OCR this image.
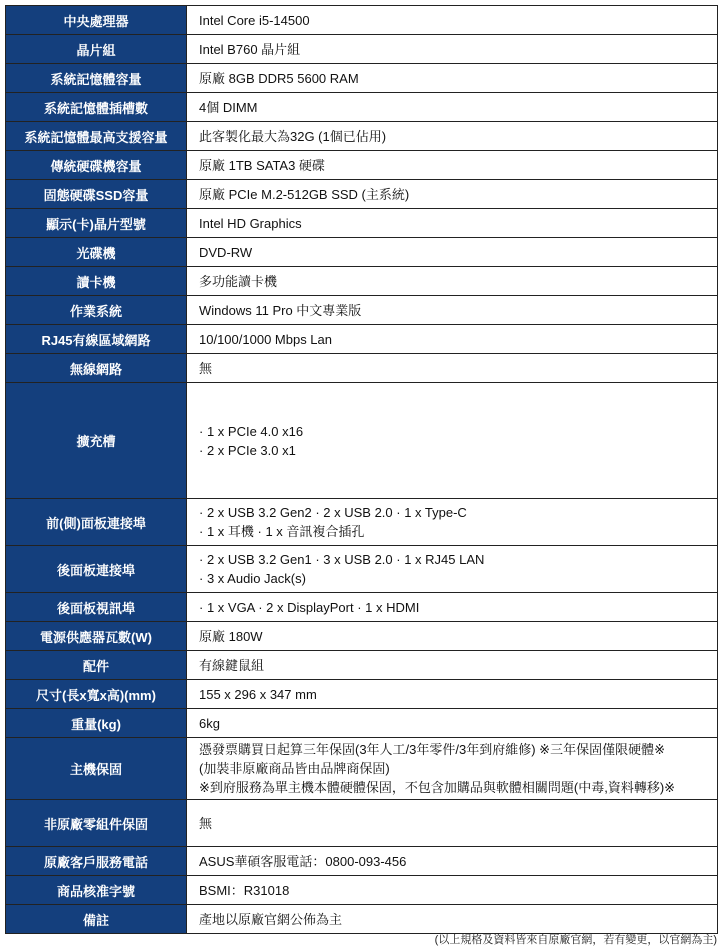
中央處理器	Intel Core i5-14500

晶片組	Intel B760 晶片組

系統記憶體容量	原廠 8GB DDR5 5600 RAM

系統記憶體插槽數	4個 DIMM

系統記憶體最高支援容量	此客製化最大為32G (1個已佔用)

傳統硬碟機容量	原廠 1TB SATA3 硬碟

固態硬碟SSD容量	原廠 PCIe M.2-512GB SSD (主系統)

顯示(卡)晶片型號	Intel HD Graphics

光碟機	DVD-RW

讀卡機	多功能讀卡機

作業系統	Windows 11 Pro 中文專業版

RJ45有線區域網路	10/100/1000 Mbps Lan

無線網路	無

擴充槽	· 1 x PCIe 4.0 x16
· 2 x PCIe 3.0 x1

前(側)面板連接埠	· 2 x USB 3.2 Gen2 · 2 x USB 2.0 · 1 x Type-C
· 1 x 耳機 · 1 x 音訊複合插孔

後面板連接埠	· 2 x USB 3.2 Gen1 · 3 x USB 2.0 · 1 x RJ45 LAN
· 3 x Audio Jack(s)

後面板視訊埠	· 1 x VGA · 2 x DisplayPort · 1 x HDMI

電源供應器瓦數(W)	原廠 180W

配件	有線鍵鼠組

尺寸(長x寬x高)(mm)	155 x 296 x 347 mm

重量(kg)	6kg

主機保固	憑發票購買日起算三年保固(3年人工/3年零件/3年到府維修) ※三年保固僅限硬體※
(加裝非原廠商品皆由品牌商保固)
※到府服務為單主機本體硬體保固，不包含加購品與軟體相關問題(中毒,資料轉移)※

非原廠零組件保固	無

原廠客戶服務電話	ASUS華碩客服電話：0800-093-456

商品核准字號	BSMI：R31018

備註	產地以原廠官網公佈為主
(以上規格及資料皆來自原廠官網，若有變更，以官網為主)
